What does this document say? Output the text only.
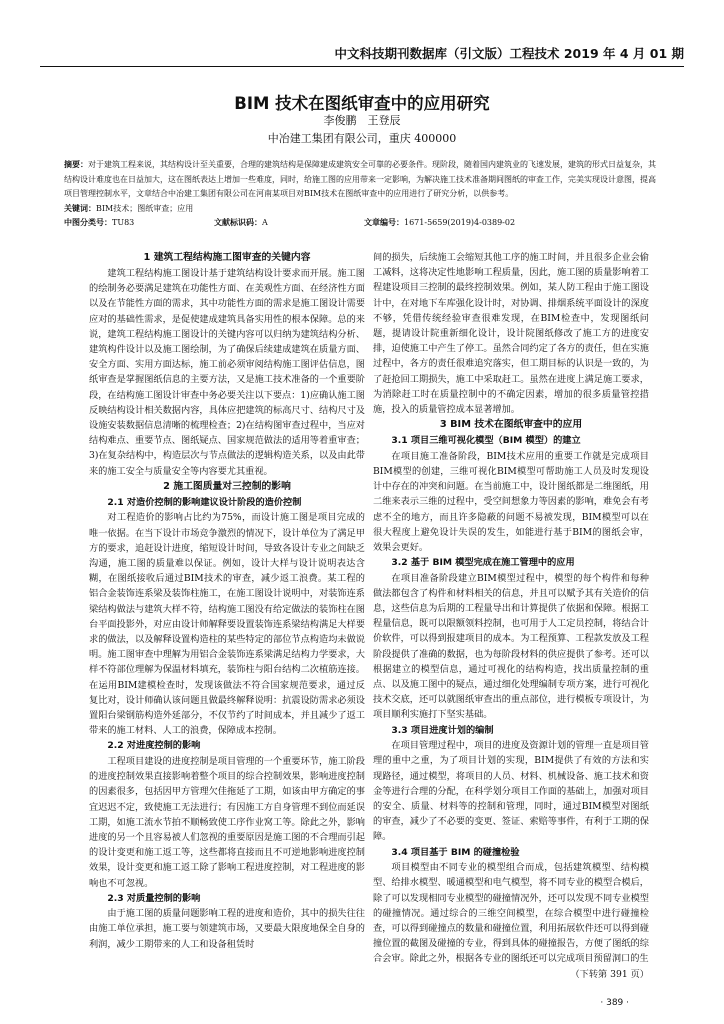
中文科技期刊数据库（引文版）工程技术 2019 年 4 月 01 期
BIM 技术在图纸审查中的应用研究
李俊鹏　王登辰
中冶建工集团有限公司，重庆 400000
摘要：对于建筑工程来说，其结构设计至关重要，合理的建筑结构是保障建成建筑安全可靠的必要条件。现阶段，随着国内建筑业的飞速发展，建筑的形式日益复杂，其结构设计难度也在日益加大，这在图纸表达上增加一些难度，同时，给施工图的应用带来一定影响，为解决施工技术准备期间图纸的审查工作，完美实现设计意图，提高项目管理控制水平，文章结合中冶建工集团有限公司在河南某项目对BIM技术在图纸审查中的应用进行了研究分析，以供参考。
关键词：BIM技术；图纸审查；应用
中图分类号：TU83	文献标识码：A	文章编号：1671-5659(2019)4-0389-02
1 建筑工程结构施工图审查的关键内容

建筑工程结构施工图设计基于建筑结构设计要求而开展。施工图的绘制务必要满足建筑在功能性方面、在美观性方面、在经济性方面以及在节能性方面的需求，其中功能性方面的需求是施工图设计需要应对的基础性需求，是促使建成建筑具备实用性的根本保障。总的来说，建筑工程结构施工图设计的关键内容可以归纳为建筑结构分析、建筑构件设计以及施工图绘制，为了确保后续建成建筑在质量方面、安全方面、实用方面达标，施工前必须审阅结构施工图评估信息，图纸审查是掌握图纸信息的主要方法，又是施工技术准备的一个重要阶段，在结构施工图设计审查中务必要关注以下要点：1)应确认施工图反映结构设计相关数据内容，具体应把建筑的标高尺寸、结构尺寸及设施安装数据信息清晰的梳理检查；2)在结构图审查过程中，当应对结构难点、重要节点、图纸疑点、国家规范做法的适用等着重审查；3)在复杂结构中，构造层次与节点做法的逻辑构造关系，以及由此带来的施工安全与质量安全等内容要尤其重视。

2 施工图质量对三控制的影响
2.1 对造价控制的影响建议设计阶段的造价控制

对工程造价的影响占比约为75%，而设计施工图是项目完成的唯一依据。在当下设计市场竞争激烈的情况下，设计单位为了满足甲方的要求，追赶设计进度，缩短设计时间，导致各设计专业之间缺乏沟通，施工图的质量难以保证。例如，设计大样与设计说明表达含糊，在图纸接收后通过BIM技术的审查，减少返工浪费。某工程的铝合金装饰连系梁及装饰柱施工，在施工图设计说明中，对装饰连系梁结构做法与建筑大样不符，结构施工图没有给定做法的装饰柱在图台平面投影外，对应由设计师解释要设置装饰连系梁结构满足大样要求的做法，以及解释设置构造柱的某些特定的部位节点构造均未做说明。施工图审查中理解为用铝合金装饰连系梁满足结构力学要求，大样不符部位理解为保温材料填充，装饰柱与阳台结构二次植筋连接。在运用BIM建模检查时，发现该做法不符合国家规范要求，通过反复比对，设计师确认该问题且做最终解释说明：抗震设防需求必须设置阳台梁钢筋构造外延部分，不仅节约了时间成本，并且减少了返工带来的施工材料、人工的浪费，保障成本控制。

2.2 对进度控制的影响

工程项目建设的进度控制是项目管理的一个重要环节，施工阶段的进度控制效果直接影响着整个项目的综合控制效果，影响进度控制的因素很多，包括因甲方管理欠佳拖延了工期，如该由甲方确定的事宜迟迟不定，致使施工无法进行；有因施工方自身管理不到位而延误工期，如施工流水节拍不顺畅致使工序作业窝工等。除此之外，影响进度的另一个且容易被人们忽视的重要原因是施工图的不合理而引起的设计变更和施工返工等，这些都将直接而且不可逆地影响进度控制效果，设计变更和施工返工除了影响工程进度控制，对工程进度的影响也不可忽视。

2.3 对质量控制的影响

由于施工图的质量问题影响工程的进度和造价，其中的损失往往由施工单位承担，施工要与领建筑市场，又要最大限度地保全自身的利润，减少工期带来的人工和设备租赁时

间的损失，后续施工会缩短其他工序的施工时间，并且很多企业会偷工减料，这将决定性地影响工程质量，因此，施工图的质量影响着工程建设项目三控制的最终控制效果。例如，某人防工程由于施工图设计中，在对地下车库强化设计时，对协调、排烟系统平面设计的深度不够，凭借传统经验审查很难发现，在BIM检查中，发现图纸问题，提请设计院重新细化设计，设计院图纸修改了施工方的进度安排，迫使施工中产生了停工。虽然合同约定了各方的责任，但在实施过程中，各方的责任很难追究落实，但工期目标的认识是一致的，为了赶抢回工期损失，施工中采取赶工。虽然在进度上满足施工要求，为消除赶工时在质量控制中的不确定因素，增加的很多质量管控措施，投入的质量管控成本显著增加。

3 BIM 技术在图纸审查中的应用
3.1 项目三维可视化模型（BIM 模型）的建立

在项目施工准备阶段，BIM技术应用的重要工作就是完成项目BIM模型的创建，三维可视化BIM模型可帮助施工人员及时发现设计中存在的冲突和问题。在当前施工中，设计图纸都是二维图纸，用二维来表示三维的过程中，受空间想象力等因素的影响，难免会有考虑不全的地方，而且许多隐蔽的问题不易被发现，BIM模型可以在很大程度上避免设计失误的发生，如能进行基于BIM的图纸会审，效果会更好。

3.2 基于 BIM 模型完成在施工管理中的应用

在项目准备阶段建立BIM模型过程中，模型的每个构件和每种做法都包含了构件和材料相关的信息，并且可以赋予其有关造价的信息，这些信息为后期的工程量导出和计算提供了依据和保障。根据工程量信息，既可以限额领料控制，也可用于人工定员控制，将结合计价软件，可以得到报建项目的成本。为工程预算、工程款发放及工程阶段提供了准确的数据，也为每阶段材料的供应提供了参考。还可以根据建立的模型信息，通过可视化的结构构造，找出质量控制的重点、以及施工图中的疑点，通过细化处理编制专项方案，进行可视化技术交底，还可以就图纸审查出的重点部位，进行模板专项设计，为项目顺利实施打下坚实基础。

3.3 项目进度计划的编制

在项目管理过程中，项目的进度及资源计划的管理一直是项目管理的重中之重，为了项目计划的实现，BIM提供了有效的方法和实现路径，通过模型，将项目的人员、材料、机械设备、施工技术和资金等进行合理的分配，在科学划分项目工作面的基础上，加强对项目的安全、质量、材料等的控制和管理，同时，通过BIM模型对图纸的审查，减少了不必要的变更、签证、索赔等事件，有利于工期的保障。

3.4 项目基于 BIM 的碰撞检验

项目模型由不同专业的模型组合而成，包括建筑模型、结构模型、给排水模型、暖通模型和电气模型，将不同专业的模型合模后，除了可以发现相同专业模型的碰撞情况外，还可以发现不同专业模型的碰撞情况。通过综合的三维空间模型，在综合模型中进行碰撞检查，可以得到碰撞点的数量和碰撞位置，利用拓展软件还可以得到碰撞位置的截图及碰撞的专业，得到具体的碰撞报告，方便了图纸的综合会审。除此之外，根据各专业的图纸还可以完成项目预留洞口的生
（下转第 391 页）

· 389 ·
